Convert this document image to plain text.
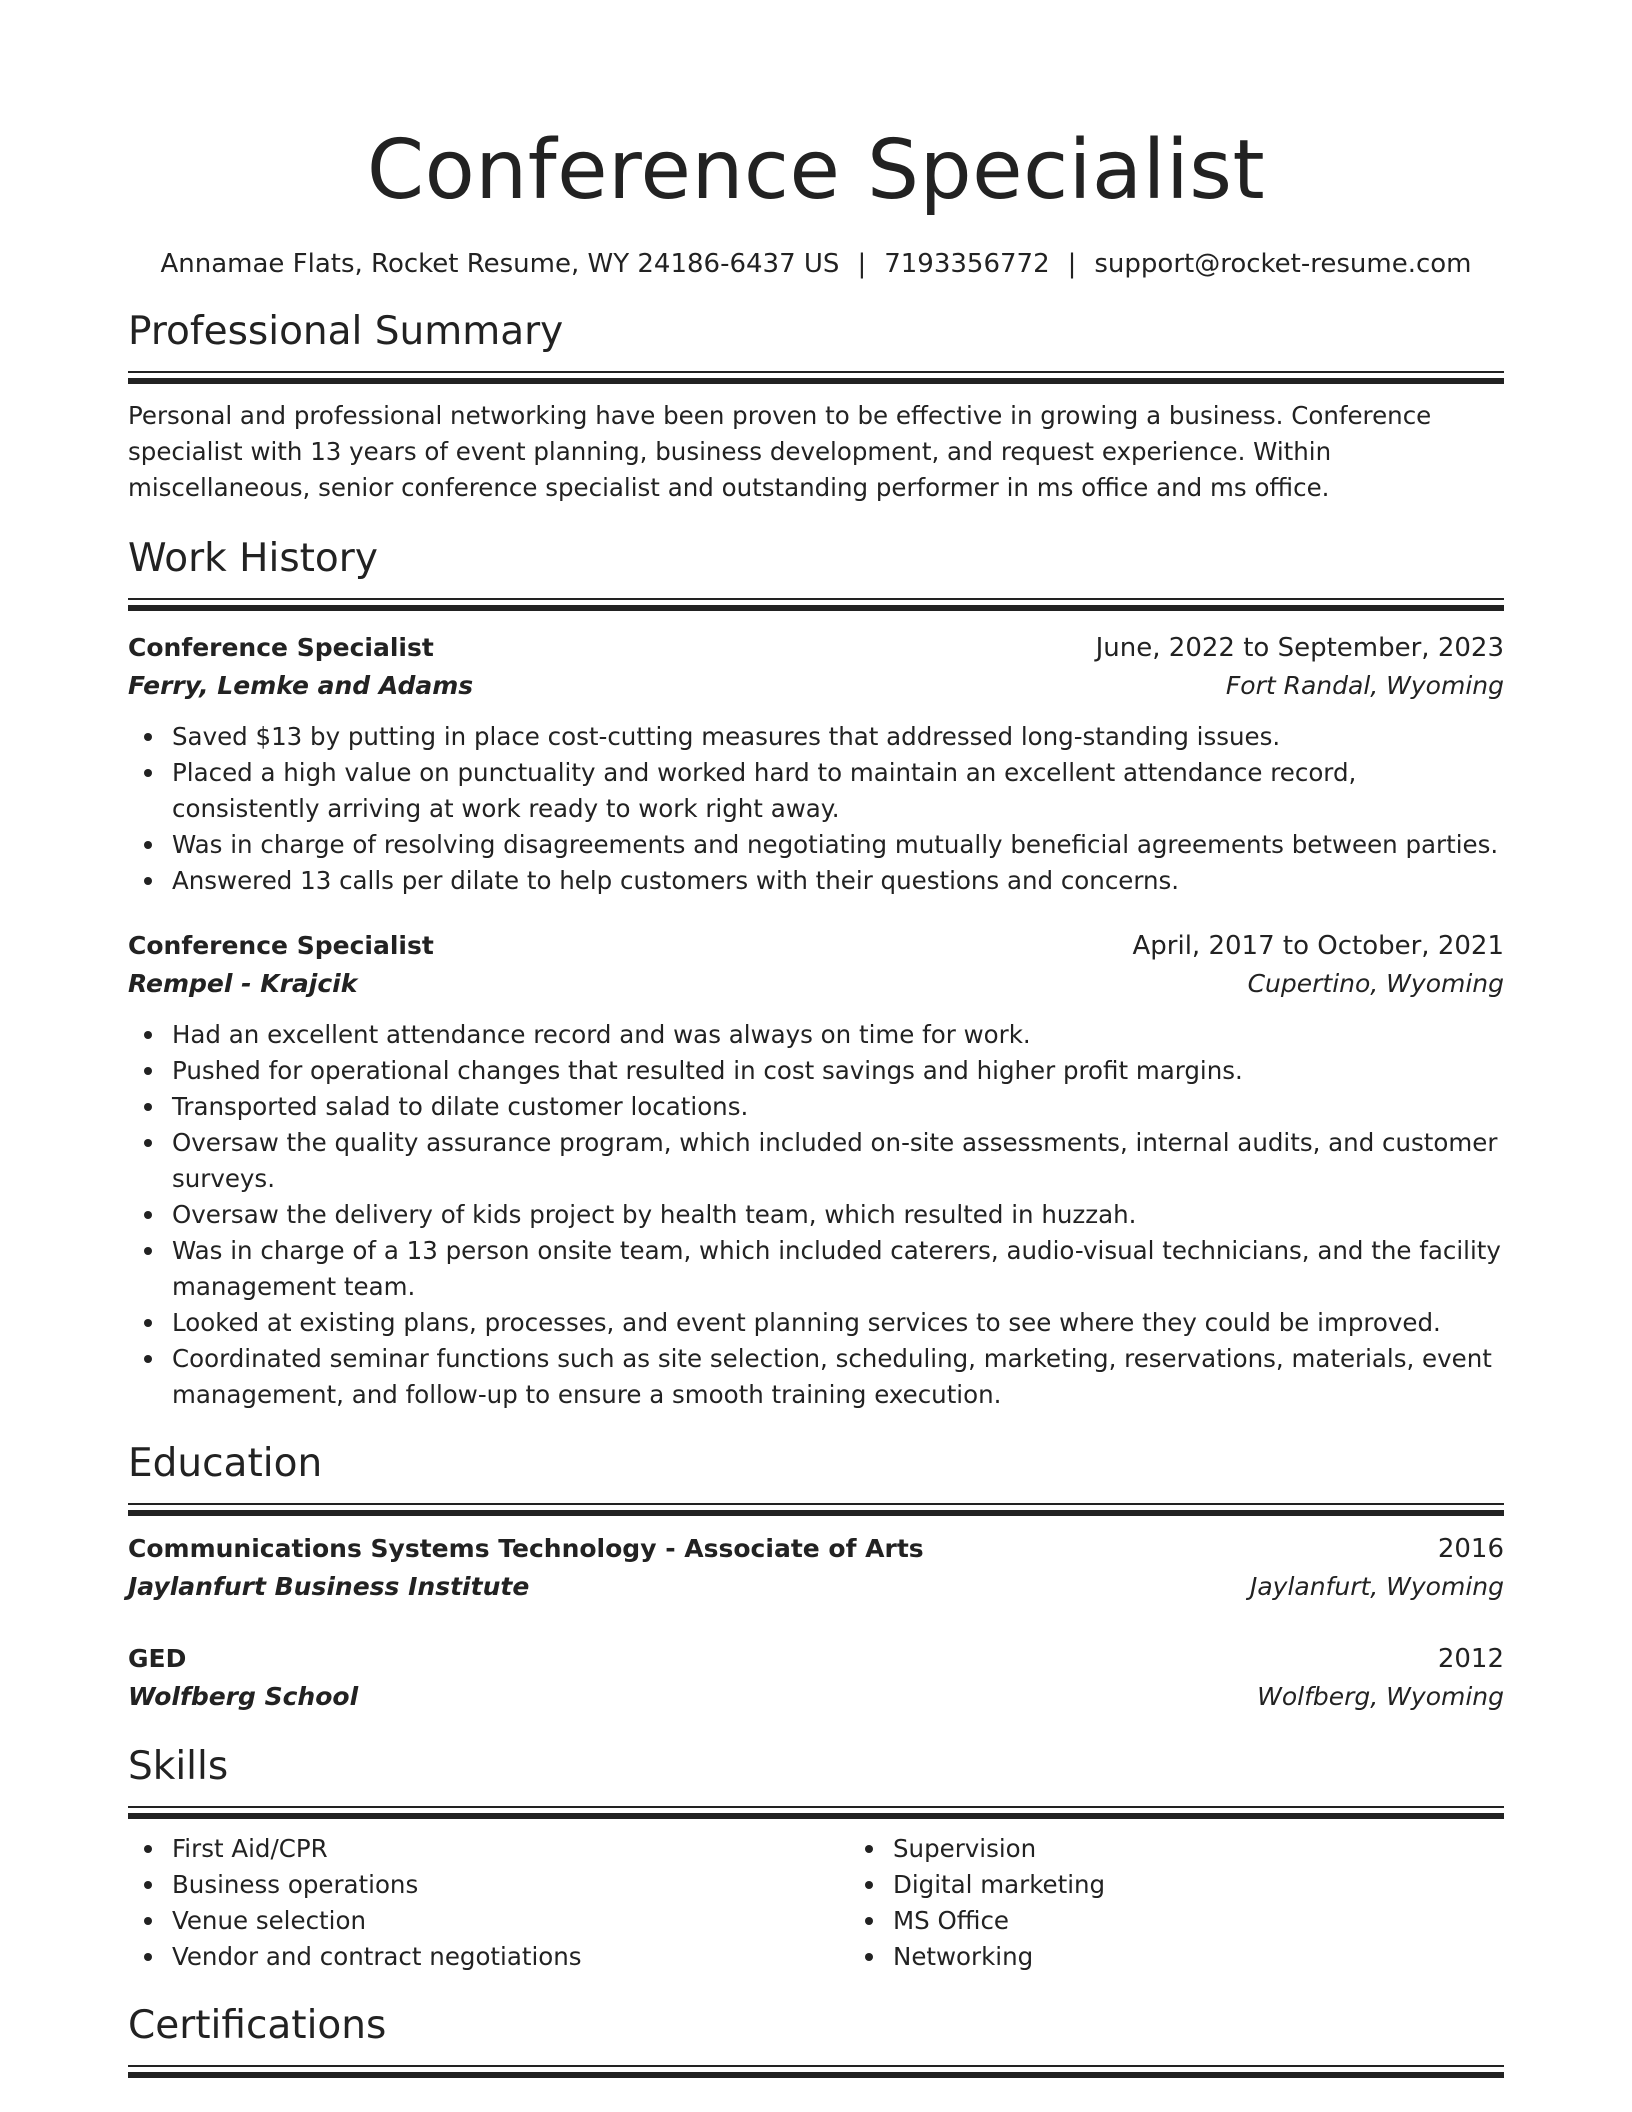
Conference Specialist
Annamae Flats, Rocket Resume, WY 24186-6437 US | 7193356772 | support@rocket-resume.com
Professional Summary

Personal and professional networking have been proven to be effective in growing a business. Conference specialist with 13 years of event planning, business development, and request experience. Within miscellaneous, senior conference specialist and outstanding performer in ms office and ms office.

Work History
Conference Specialist	June, 2022 to September, 2023
Ferry, Lemke and Adams	Fort Randal, Wyoming
Saved $13 by putting in place cost-cutting measures that addressed long-standing issues.
Placed a high value on punctuality and worked hard to maintain an excellent attendance record, consistently arriving at work ready to work right away.
Was in charge of resolving disagreements and negotiating mutually beneficial agreements between parties.
Answered 13 calls per dilate to help customers with their questions and concerns.
Conference Specialist	April, 2017 to October, 2021
Rempel - Krajcik	Cupertino, Wyoming
Had an excellent attendance record and was always on time for work.
Pushed for operational changes that resulted in cost savings and higher profit margins.
Transported salad to dilate customer locations.
Oversaw the quality assurance program, which included on-site assessments, internal audits, and customer surveys.
Oversaw the delivery of kids project by health team, which resulted in huzzah.
Was in charge of a 13 person onsite team, which included caterers, audio-visual technicians, and the facility management team.
Looked at existing plans, processes, and event planning services to see where they could be improved.
Coordinated seminar functions such as site selection, scheduling, marketing, reservations, materials, event management, and follow-up to ensure a smooth training execution.
Education
Communications Systems Technology - Associate of Arts	2016
Jaylanfurt Business Institute	Jaylanfurt, Wyoming
GED	2012
Wolfberg School	Wolfberg, Wyoming
Skills
First Aid/CPR
Business operations
Venue selection
Vendor and contract negotiations
Supervision
Digital marketing
MS Office
Networking
Certifications
